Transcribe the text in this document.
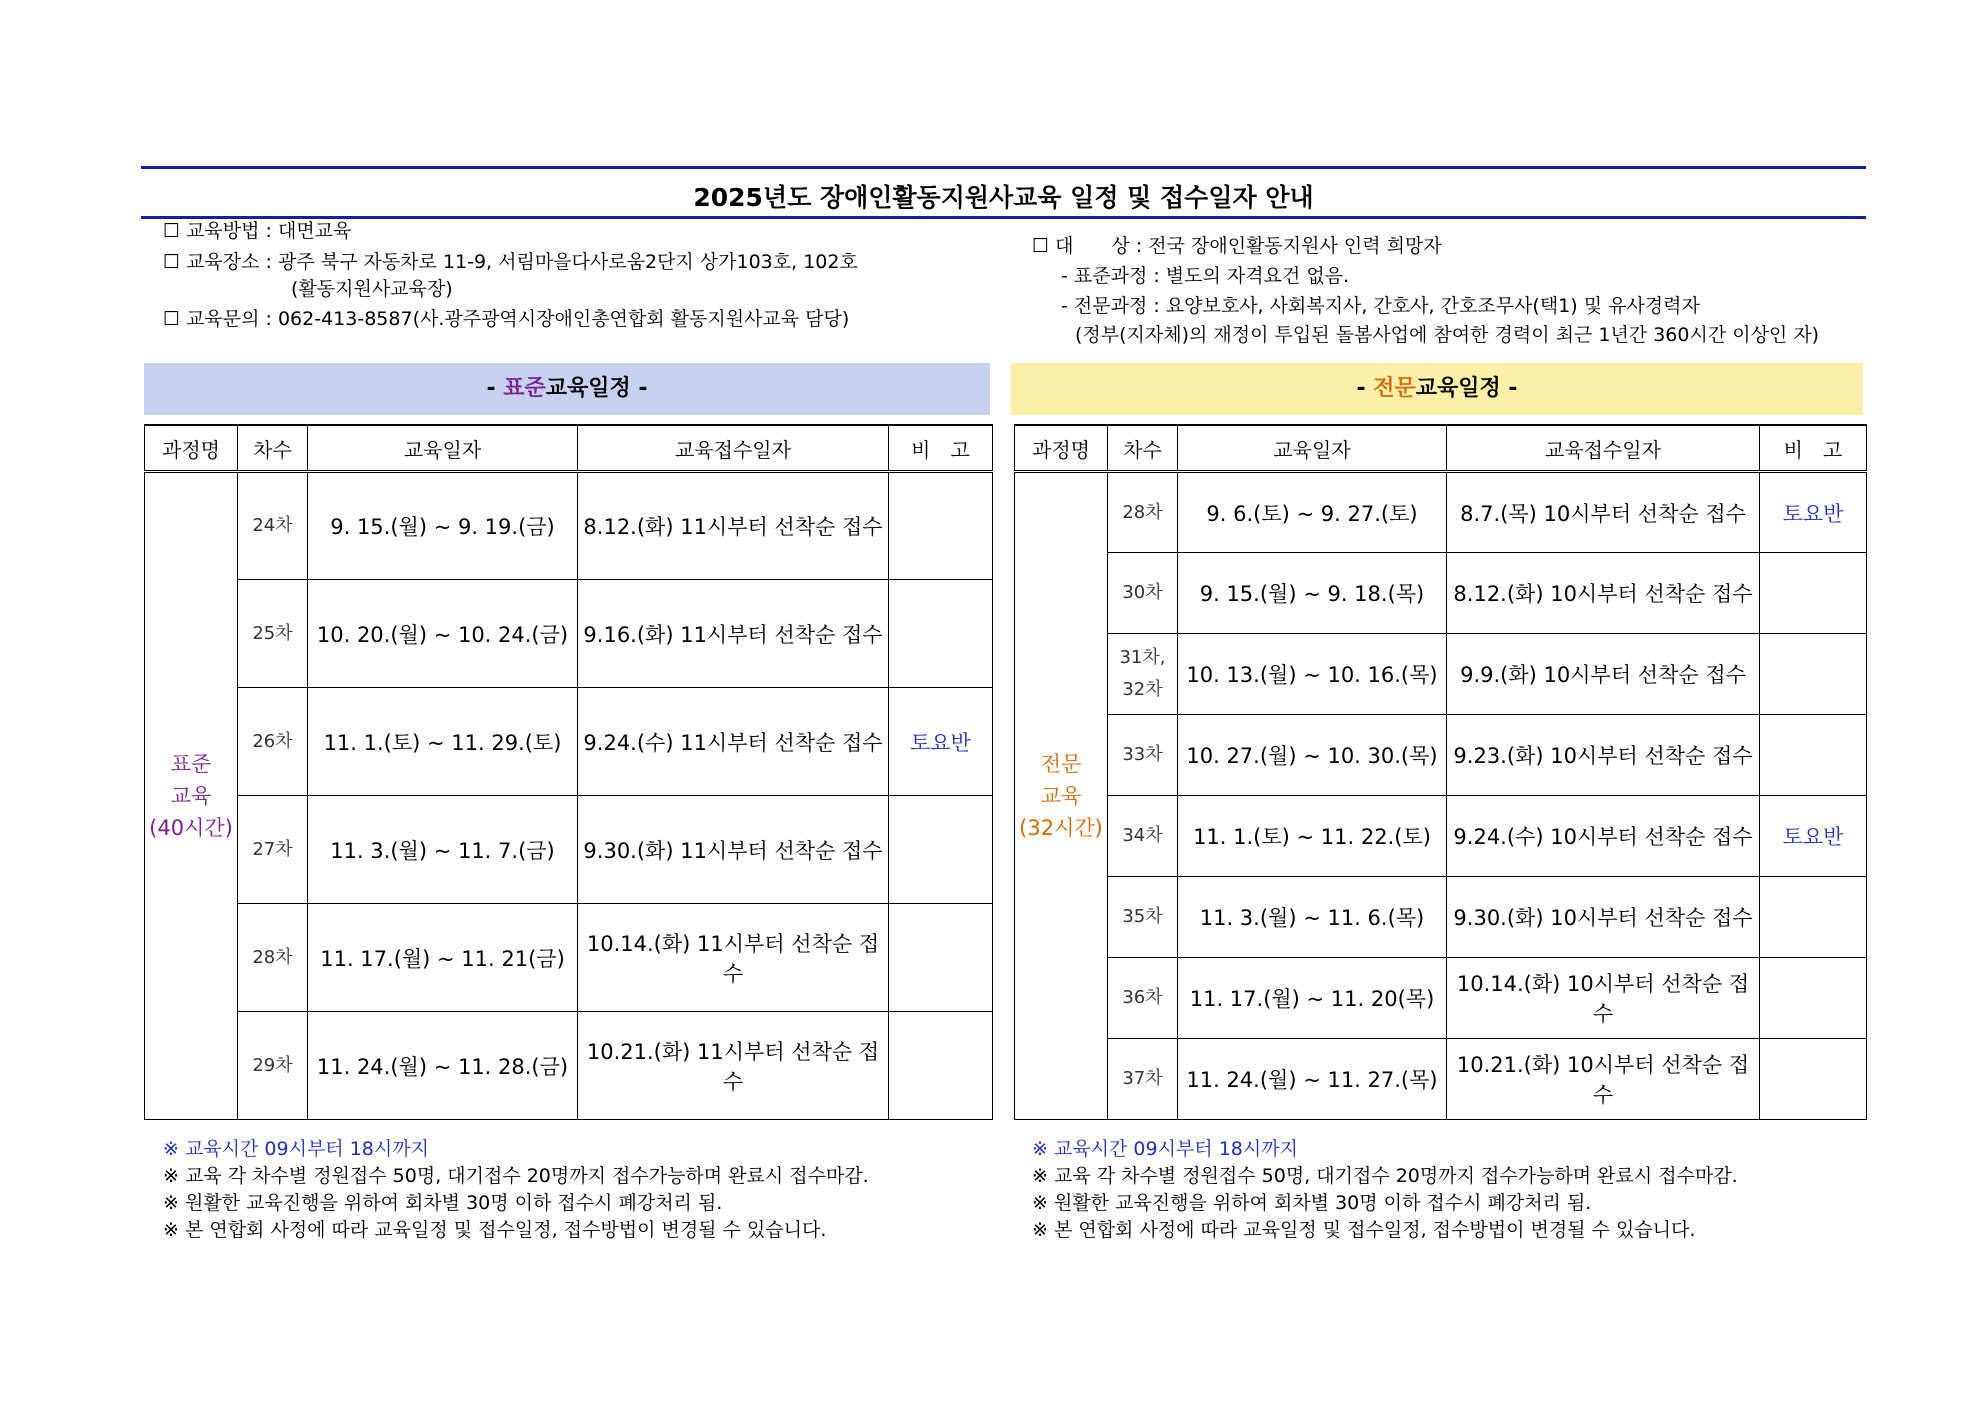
2025년도 장애인활동지원사교육 일정 및 접수일자 안내
☐ 교육방법 : 대면교육
☐ 교육장소 : 광주 북구 자동차로 11-9, 서림마을다사로움2단지 상가103호, 102호
(활동지원사교육장)
☐ 교육문의 : 062-413-8587(사.광주광역시장애인총연합회 활동지원사교육 담당)
☐ 대　　상 : 전국 장애인활동지원사 인력 희망자
- 표준과정 : 별도의 자격요건 없음.
- 전문과정 : 요양보호사, 사회복지사, 간호사, 간호조무사(택1) 및 유사경력자
(정부(지자체)의 재정이 투입된 돌봄사업에 참여한 경력이 최근 1년간 360시간 이상인 자)
- 표준교육일정 -	- 전문교육일정 -
과정명	차수	교육일자	교육접수일자	비　고

표준
교육
(40시간)	24차	9. 15.(월) ~ 9. 19.(금)	8.12.(화) 11시부터 선착순 접수	
	25차	10. 20.(월) ~ 10. 24.(금)	9.16.(화) 11시부터 선착순 접수	
	26차	11. 1.(토) ~ 11. 29.(토)	9.24.(수) 11시부터 선착순 접수	토요반
	27차	11. 3.(월) ~ 11. 7.(금)	9.30.(화) 11시부터 선착순 접수	
	28차	11. 17.(월) ~ 11. 21(금)	10.14.(화) 11시부터 선착순 접수	
	29차	11. 24.(월) ~ 11. 28.(금)	10.21.(화) 11시부터 선착순 접수	
과정명	차수	교육일자	교육접수일자	비　고

전문
교육
(32시간)	28차	9. 6.(토) ~ 9. 27.(토)	8.7.(목) 10시부터 선착순 접수	토요반
	30차	9. 15.(월) ~ 9. 18.(목)	8.12.(화) 10시부터 선착순 접수	
	31차,
32차	10. 13.(월) ~ 10. 16.(목)	9.9.(화) 10시부터 선착순 접수	
	33차	10. 27.(월) ~ 10. 30.(목)	9.23.(화) 10시부터 선착순 접수	
	34차	11. 1.(토) ~ 11. 22.(토)	9.24.(수) 10시부터 선착순 접수	토요반
	35차	11. 3.(월) ~ 11. 6.(목)	9.30.(화) 10시부터 선착순 접수	
	36차	11. 17.(월) ~ 11. 20(목)	10.14.(화) 10시부터 선착순 접수	
	37차	11. 24.(월) ~ 11. 27.(목)	10.21.(화) 10시부터 선착순 접수	
※ 교육시간 09시부터 18시까지
※ 교육 각 차수별 정원접수 50명, 대기접수 20명까지 접수가능하며 완료시 접수마감.
※ 원활한 교육진행을 위하여 회차별 30명 이하 접수시 폐강처리 됨.
※ 본 연합회 사정에 따라 교육일정 및 접수일정, 접수방법이 변경될 수 있습니다.
※ 교육시간 09시부터 18시까지
※ 교육 각 차수별 정원접수 50명, 대기접수 20명까지 접수가능하며 완료시 접수마감.
※ 원활한 교육진행을 위하여 회차별 30명 이하 접수시 폐강처리 됨.
※ 본 연합회 사정에 따라 교육일정 및 접수일정, 접수방법이 변경될 수 있습니다.
